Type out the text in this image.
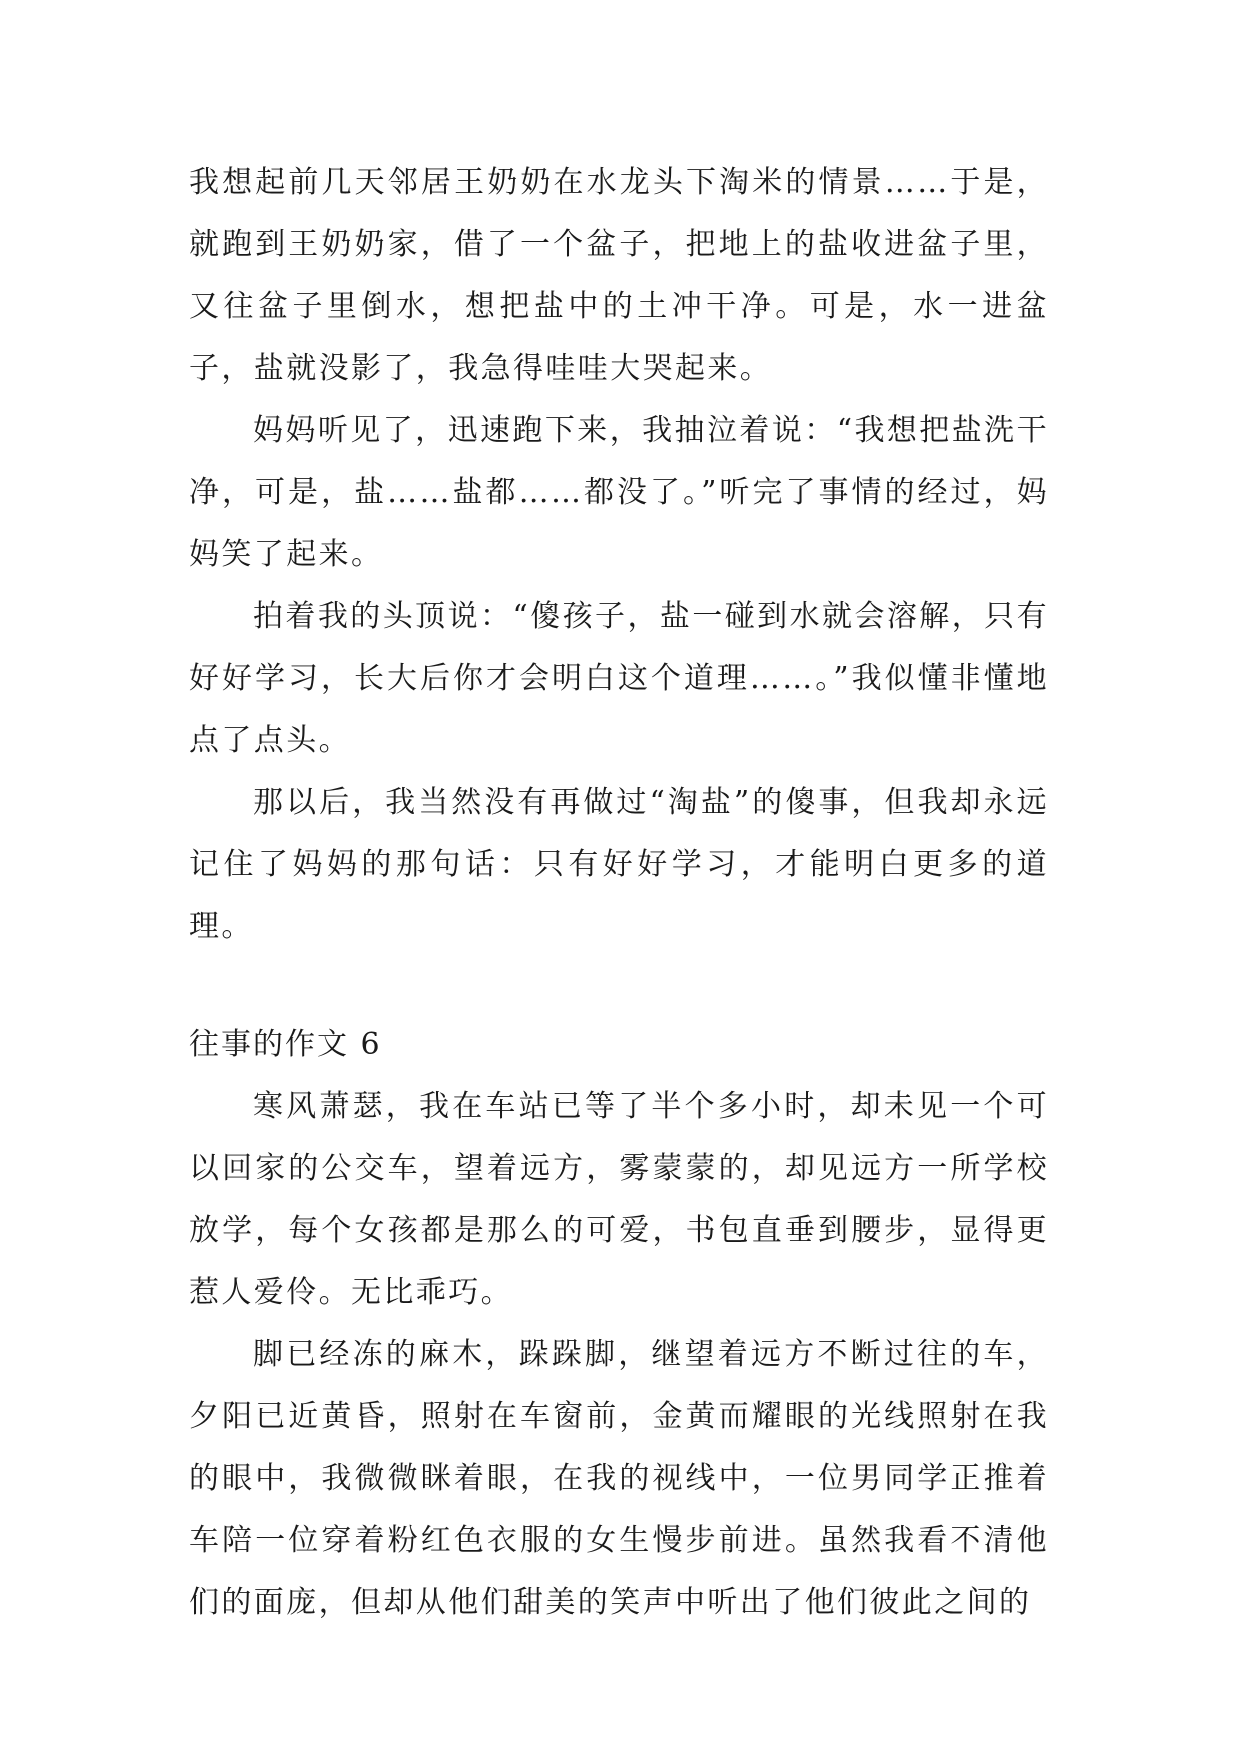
我想起前几天邻居王奶奶在水龙头下淘米的情景……于是，就跑到王奶奶家，借了一个盆子，把地上的盐收进盆子里，又往盆子里倒水，想把盐中的土冲干净。可是，水一进盆子，盐就没影了，我急得哇哇大哭起来。

妈妈听见了，迅速跑下来，我抽泣着说：“我想把盐洗干净，可是，盐……盐都……都没了。”听完了事情的经过，妈妈笑了起来。

拍着我的头顶说：“傻孩子，盐一碰到水就会溶解，只有好好学习，长大后你才会明白这个道理……。”我似懂非懂地点了点头。

那以后，我当然没有再做过“淘盐”的傻事，但我却永远记住了妈妈的那句话：只有好好学习，才能明白更多的道理。

往事的作文 6

寒风萧瑟，我在车站已等了半个多小时，却未见一个可以回家的公交车，望着远方，雾蒙蒙的，却见远方一所学校放学，每个女孩都是那么的可爱，书包直垂到腰步，显得更惹人爱伶。无比乖巧。

脚已经冻的麻木，跺跺脚，继望着远方不断过往的车，夕阳已近黄昏，照射在车窗前，金黄而耀眼的光线照射在我的眼中，我微微眯着眼，在我的视线中，一位男同学正推着车陪一位穿着粉红色衣服的女生慢步前进。虽然我看不清他们的面庞，但却从他们甜美的笑声中听出了他们彼此之间的
